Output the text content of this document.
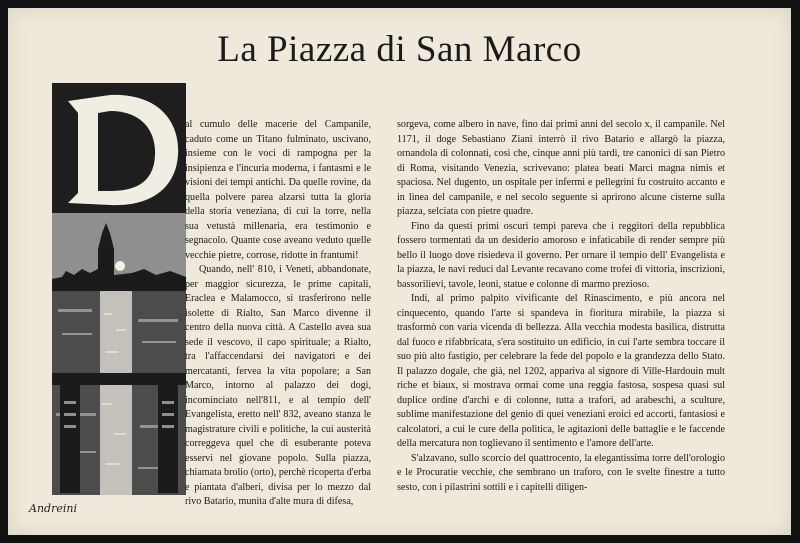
La Piazza di San Marco
Andreini

al cumulo delle macerie del Campanile, caduto come un Titano fulminato, uscivano, insieme con le voci di rampogna per la insipienza e l'incuria moderna, i fantasmi e le visioni dei tempi antichi. Da quelle rovine, da quella polvere parea alzarsi tutta la gloria della storia veneziana, di cui la torre, nella sua vetustà millenaria, era testimonio e segnacolo. Quante cose aveano veduto quelle vecchie pietre, corrose, ridotte in frantumi!

Quando, nell' 810, i Veneti, abbandonate, per maggior sicurezza, le prime capitali, Eraclea e Malamocco, si trasferirono nelle isolette di Rialto, San Marco divenne il centro della nuova città. A Castello avea sua sede il vescovo, il capo spirituale; a Rialto, tra l'affaccendarsi dei navigatori e dei mercatanti, fervea la vita popolare; a San Marco, intorno al palazzo dei dogi, incominciato nell'811, e al tempio dell' Evangelista, eretto nell' 832, aveano stanza le magistrature civili e politiche, la cui austerità correggeva quel che di esuberante poteva esservi nel giovane popolo. Sulla piazza, chiamata brolio (orto), perchè ricoperta d'erba e piantata d'alberi, divisa per lo mezzo dal rivo Batario, munita d'alte mura di difesa,

sorgeva, come albero in nave, fino dai primi anni del secolo x, il campanile. Nel 1171, il doge Sebastiano Ziani interrò il rivo Batario e allargò la piazza, ornandola di colonnati, così che, cinque anni più tardi, tre canonici di san Pietro di Roma, visitando Venezia, scrivevano: platea beati Marci magna nimis et spaciosa. Nel dugento, un ospitale per infermi e pellegrini fu costruito accanto e in linea del campanile, e nel secolo seguente si aprirono alcune cisterne sulla piazza, selciata con pietre quadre.

Fino da questi primi oscuri tempi pareva che i reggitori della repubblica fossero tormentati da un desiderio amoroso e infaticabile di render sempre più bello il luogo dove risiedeva il governo. Per ornare il tempio dell' Evangelista e la piazza, le navi reduci dal Levante recavano come trofei di vittoria, inscrizioni, bassorilievi, tavole, leoni, statue e colonne di marmo prezioso.

Indi, al primo palpito vivificante del Rinascimento, e più ancora nel cinquecento, quando l'arte si spandeva in fioritura mirabile, la piazza si trasformò con varia vicenda di bellezza. Alla vecchia modesta basilica, distrutta dal fuoco e rifabbricata, s'era sostituito un edificio, in cui l'arte sembra toccare il suo più alto fastigio, per celebrare la fede del popolo e la grandezza dello Stato. Il palazzo dogale, che già, nel 1202, appariva al signore di Ville-Hardouin mult riche et biaux, si mostrava ormai come una reggia fastosa, sospesa quasi sul duplice ordine d'archi e di colonne, tutta a trafori, ad arabeschi, a sculture, sublime manifestazione del genio di quei veneziani eroici ed accorti, fantasiosi e calcolatori, a cui le cure della politica, le agitazioni delle battaglie e le faccende della mercatura non toglievano il sentimento e l'amore dell'arte.

S'alzavano, sullo scorcio del quattrocento, la elegantissima torre dell'orologio e le Procuratie vecchie, che sembrano un traforo, con le svelte finestre a tutto sesto, con i pilastrini sottili e i capitelli diligen-
